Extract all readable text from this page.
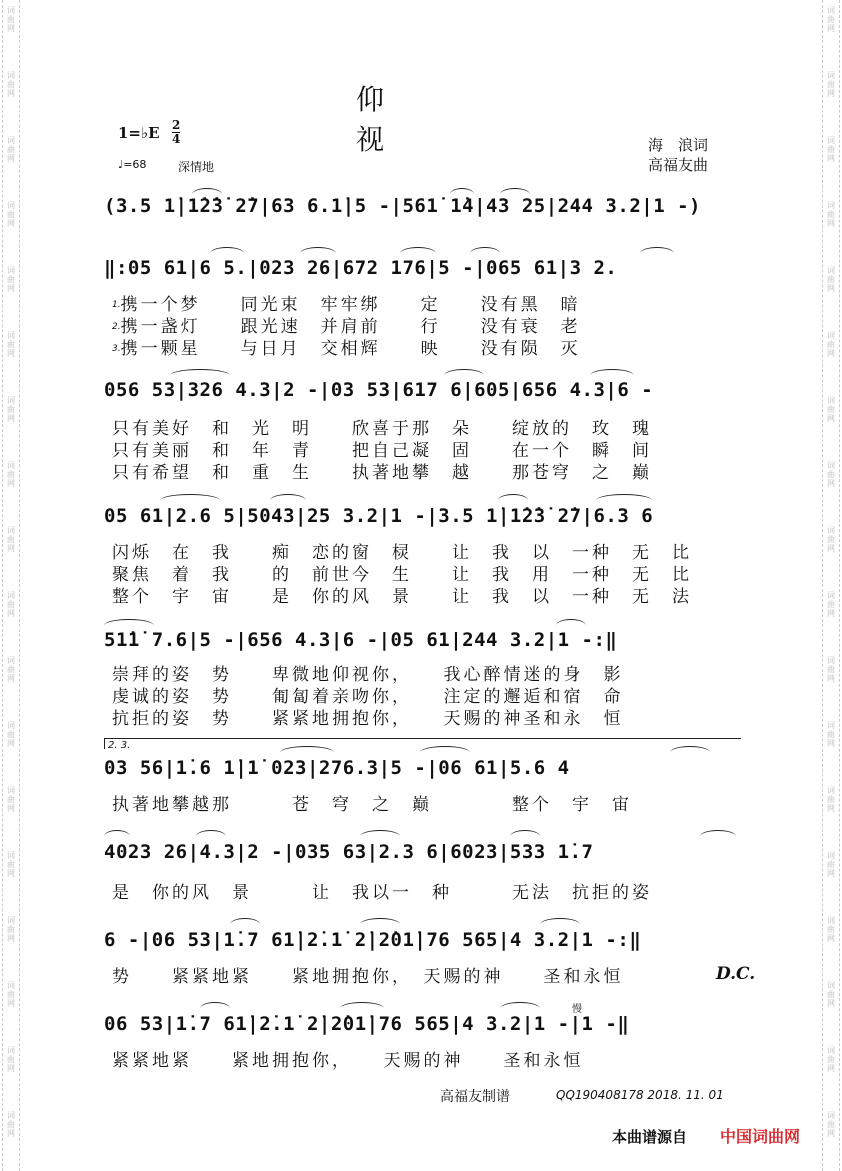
词
曲
网
词
曲
网
词
曲
网
词
曲
网
词
曲
网
词
曲
网
词
曲
网
词
曲
网
词
曲
网
词
曲
网
词
曲
网
词
曲
网
词
曲
网
词
曲
网
词
曲
网
词
曲
网
词
曲
网
词
曲
网
词
曲
网
词
曲
网
词
曲
网
词
曲
网
词
曲
网
词
曲
网
词
曲
网
词
曲
网
词
曲
网
词
曲
网
词
曲
网
词
曲
网
词
曲
网
词
曲
网
词
曲
网
词
曲
网
词
曲
网
词
曲
网
仰　视
1=♭E 2
4
♩=68	深情地
海　浪词
高福友曲
(3.5 1̇|1̇2̇3̇ 2̇7|63 6.1̇|5 -|561̇ 1̇4|43 25|244 3.2|1 -)
‖:05 61|6 5.|023 26|672 176|5 -|065 61|3 2.
$^{1.}$携一个梦　　同光束　牢牢绑　　定　　没有黑　暗
$^{2.}$携一盏灯　　跟光速　并肩前　　行　　没有衰　老
$^{3.}$携一颗星　　与日月　交相辉　　映　　没有陨　灭
056 53|326 4.3|2 -|03 53|617 6|605|656 4.3|6 -
只有美好　和　光　明　　欣喜于那　朵　　绽放的　玫　瑰
只有美丽　和　年　青　　把自己凝　固　　在一个　瞬　间
只有希望　和　重　生　　执著地攀　越　　那苍穹　之　巅
05 61|2.6 5|5043|25 3.2|1 -|3.5 1̇|1̇2̇3̇ 2̇7|6.3 6
闪烁　在　我　　痴　恋的窗　棂　　让　我　以　一种　无　比
聚焦　着　我　　的　前世今　生　　让　我　用　一种　无　比
整个　宇　宙　　是　你的风　景　　让　我　以　一种　无　法
51̇1̇ 7.6|5 -|656 4.3|6 -|05 61|244 3.2|1 -:‖
崇拜的姿　势　　卑微地仰视你，　　我心醉情迷的身　影
虔诚的姿　势　　匍匐着亲吻你，　　注定的邂逅和宿　命
抗拒的姿　势　　紧紧地拥抱你，　　天赐的神圣和永　恒
2. 3.
03 56|1̇.6 1̇|1̇ 023|276.3|5 -|06 61|5.6 4
执著地攀越那　　　苍　穹　之　巅　　　　整个　宇　宙
4023 26|4.3|2 -|035 63|2.3 6|6023|533 1̇.7
是　你的风　景　　　让　我以一　种　　　无法　抗拒的姿
6 -|06 53|1̇.7 61̇|2̇.1̇ 2̇|2̇01̇|76 565|4 3.2|1 -:‖
势　　紧紧地紧　　紧地拥抱你，　天赐的神　　圣和永恒	D.C.
慢
06 53|1̇.7 61̇|2̇.1̇ 2̇|2̇01̇|76 565|4 3.2|1 -|1 -‖
紧紧地紧　　紧地拥抱你，　　天赐的神　　圣和永恒
高福友制谱	QQ190408178 2018. 11. 01
本曲谱源自 中国词曲网
